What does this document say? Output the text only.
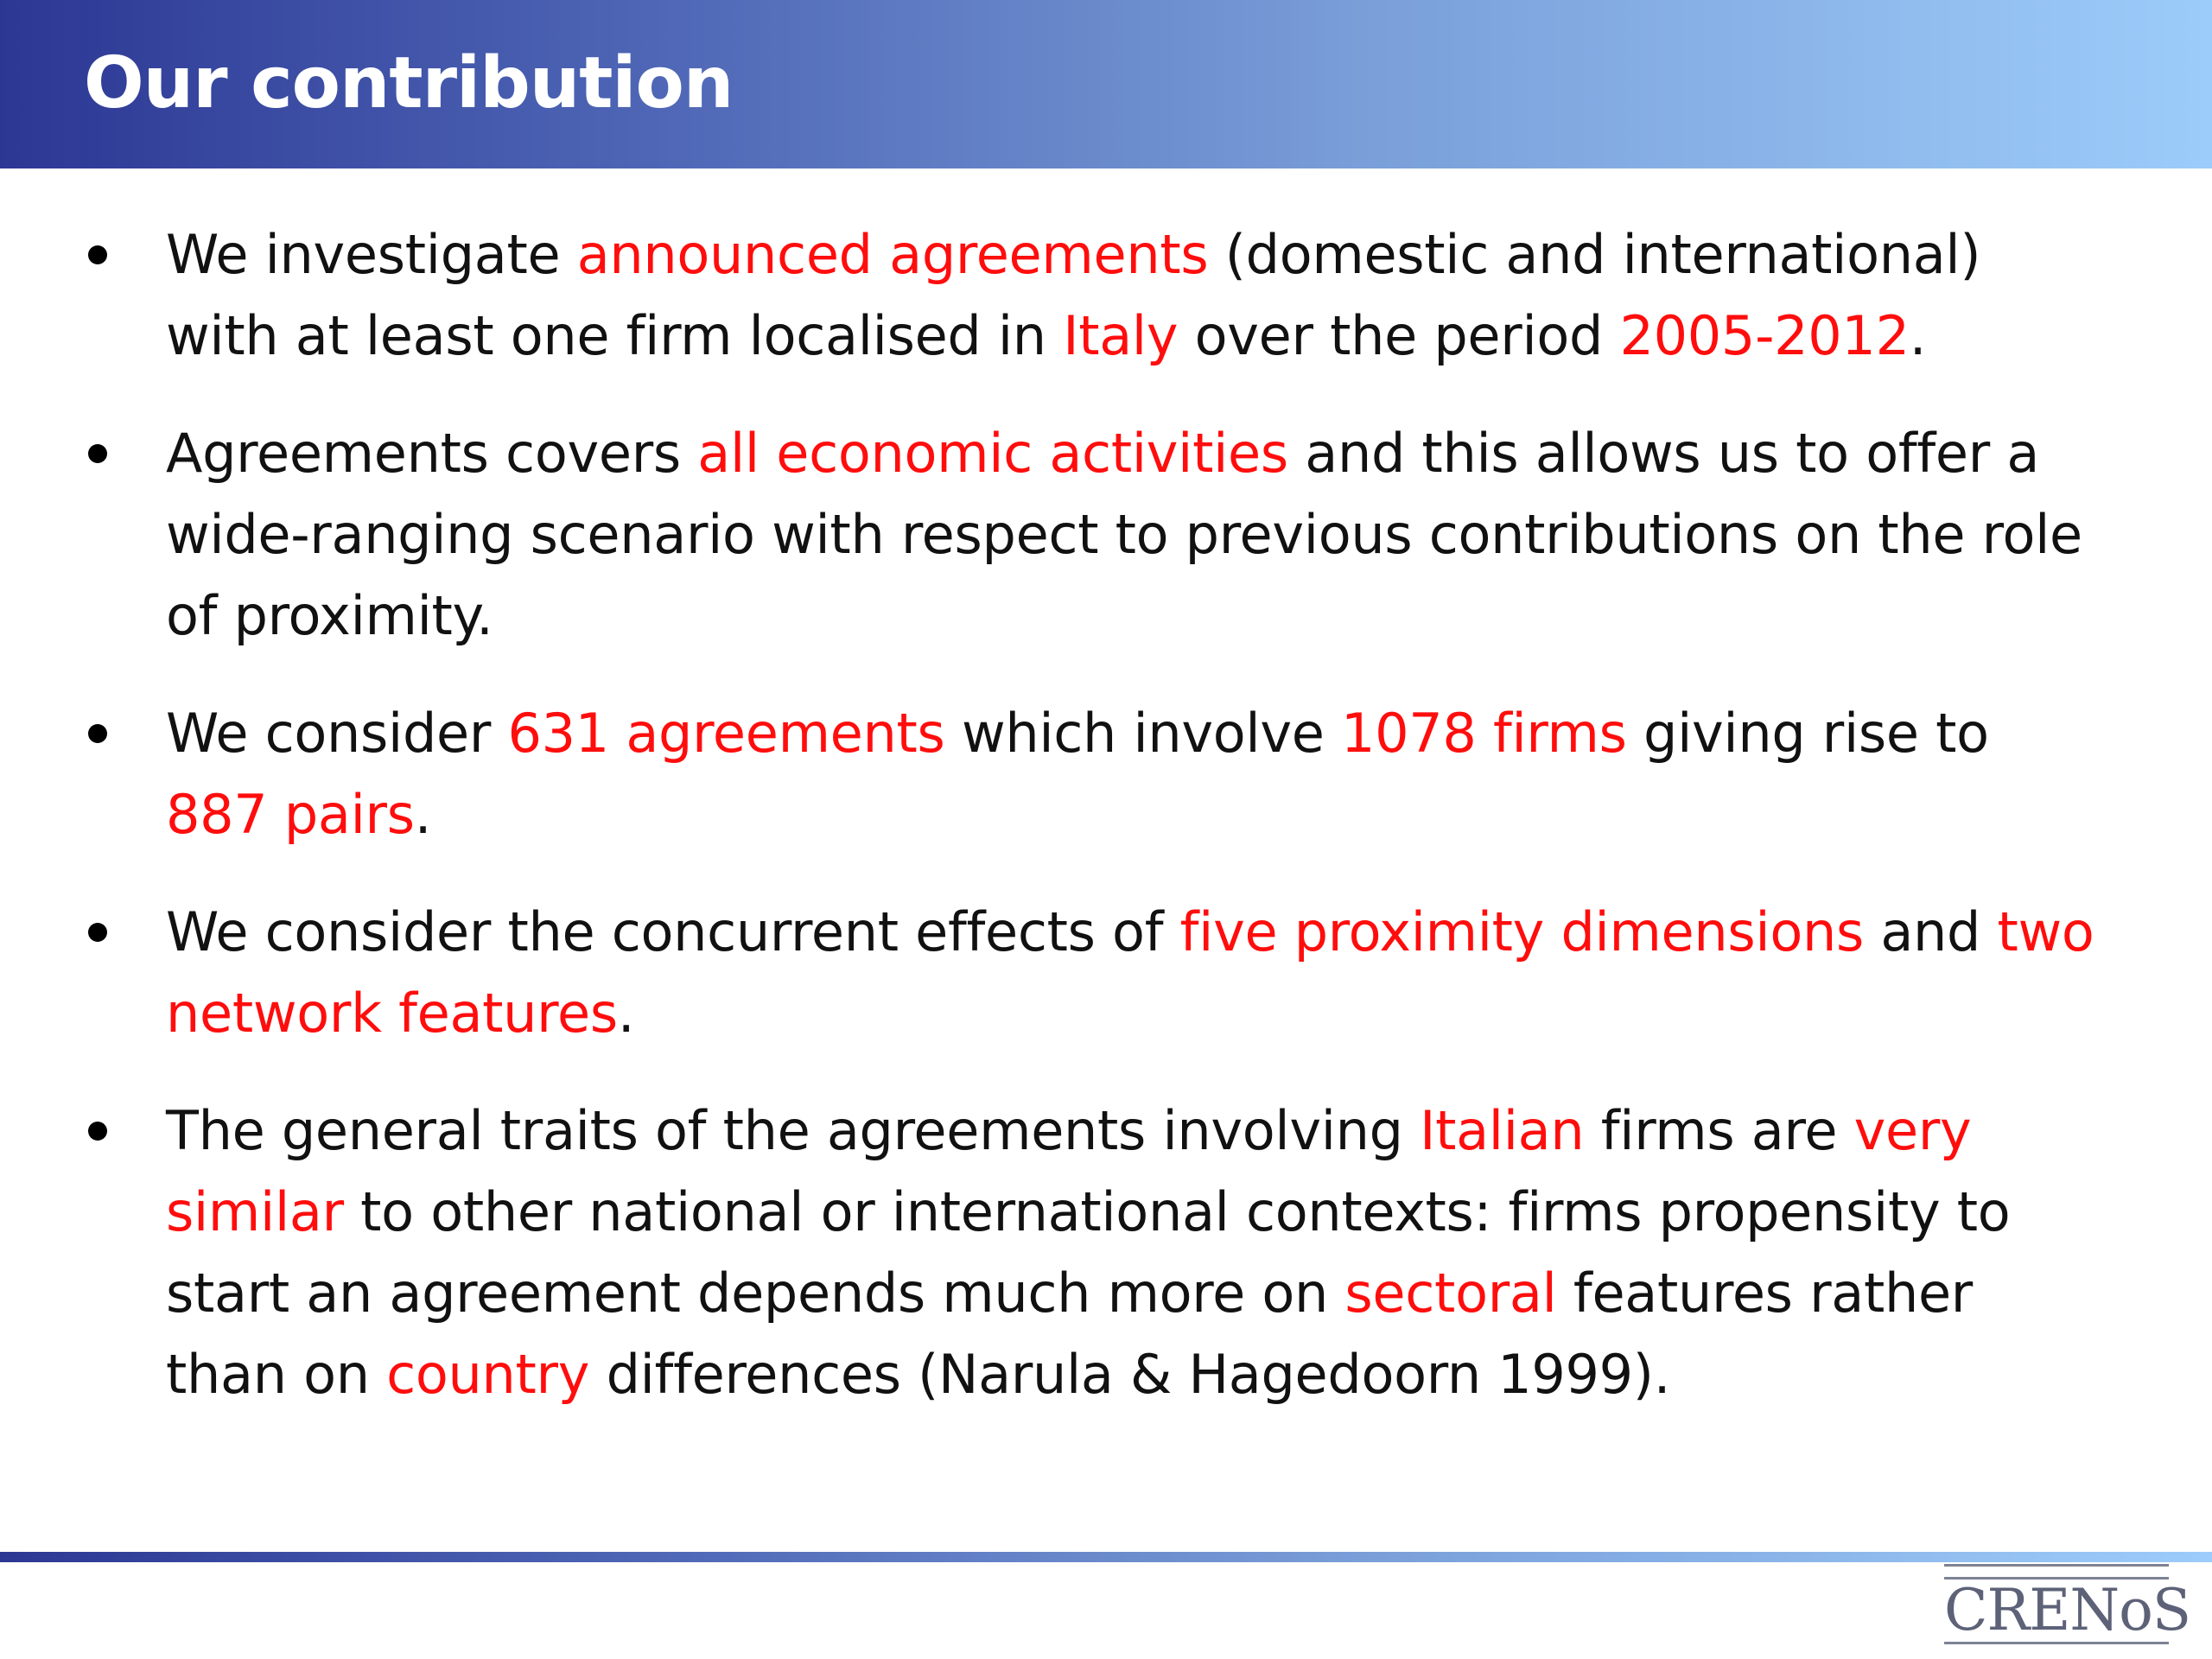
Our contribution
We investigate announced agreements (domestic and international) with at least one firm localised in Italy over the period 2005-2012.
Agreements covers all economic activities and this allows us to offer a wide-ranging scenario with respect to previous contributions on the role of proximity.
We consider 631 agreements which involve 1078 firms giving rise to 887 pairs.
We consider the concurrent effects of five proximity dimensions and two network features.
The general traits of the agreements involving Italian firms are very similar to other national or international contexts: firms propensity to start an agreement depends much more on sectoral features rather than on country differences (Narula & Hagedoorn 1999).
CRENoS
